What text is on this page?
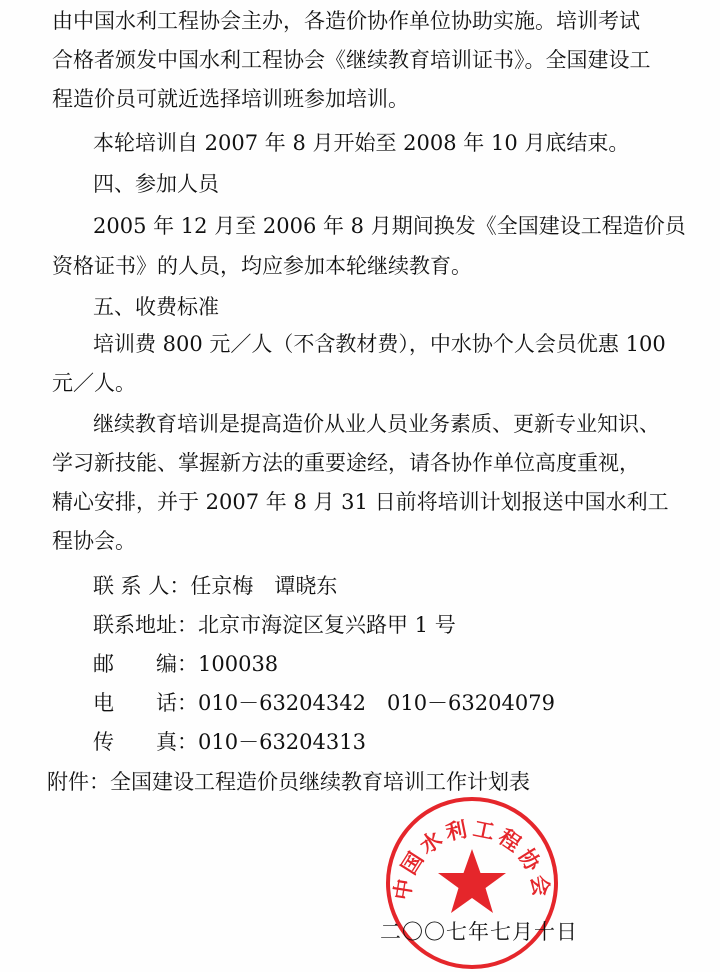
由中国水利工程协会主办，各造价协作单位协助实施。培训考试
合格者颁发中国水利工程协会《继续教育培训证书》。全国建设工
程造价员可就近选择培训班参加培训。
本轮培训自 2007 年 8 月开始至 2008 年 10 月底结束。
四、参加人员
2005 年 12 月至 2006 年 8 月期间换发《全国建设工程造价员
资格证书》的人员，均应参加本轮继续教育。
五、收费标准
培训费 800 元／人（不含教材费），中水协个人会员优惠 100
元／人。
继续教育培训是提高造价从业人员业务素质、更新专业知识、
学习新技能、掌握新方法的重要途经，请各协作单位高度重视，
精心安排，并于 2007 年 8 月 31 日前将培训计划报送中国水利工
程协会。
联 系 人：任京梅　谭晓东
联系地址：北京市海淀区复兴路甲 1 号
邮　　编：100038
电　　话：010－63204342　010－63204079
传　　真：010－63204313
附件：全国建设工程造价员继续教育培训工作计划表
中国水利工程协会
二〇〇七年七月十日
